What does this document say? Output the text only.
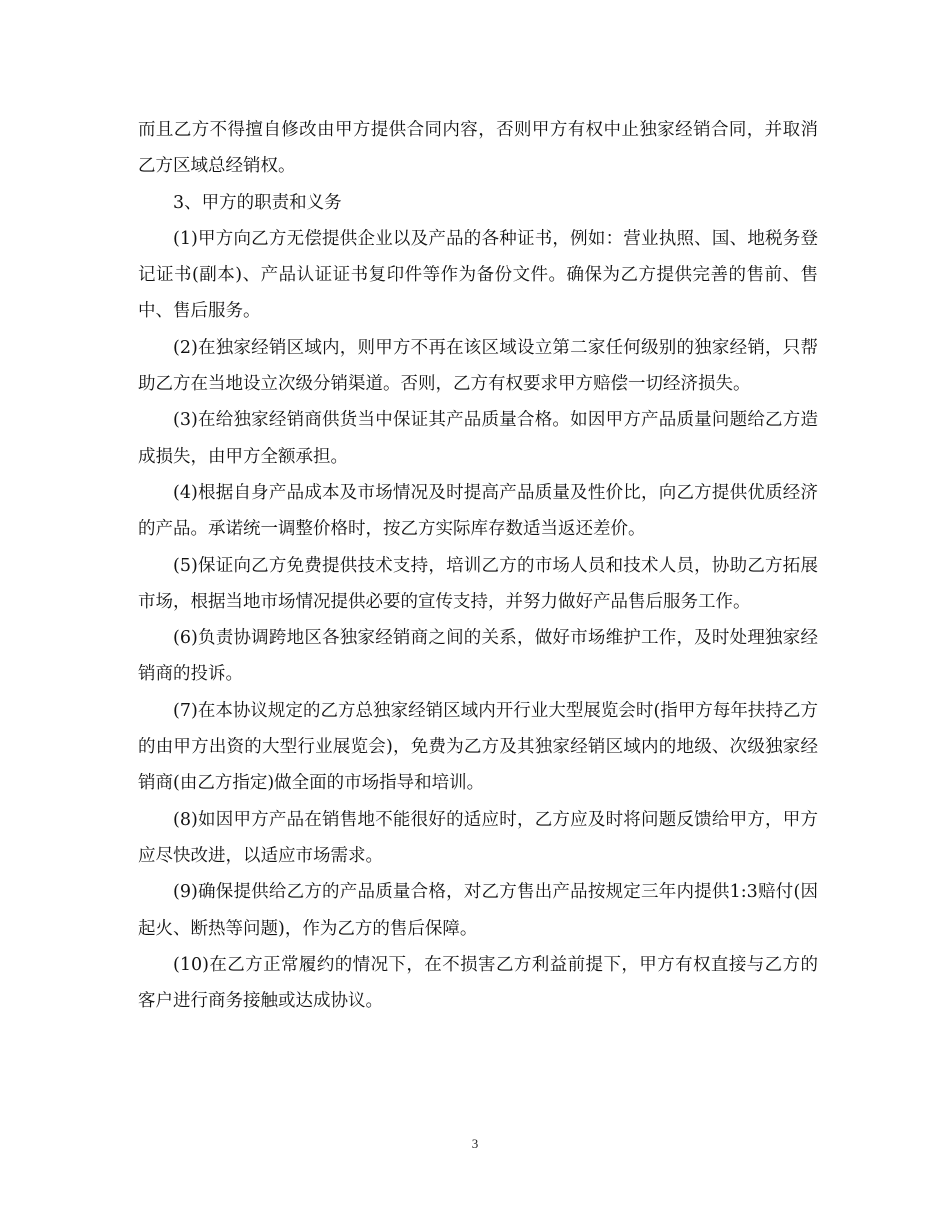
而且乙方不得擅自修改由甲方提供合同内容，否则甲方有权中止独家经销合同，并取消乙方区域总经销权。

3、甲方的职责和义务

(1)甲方向乙方无偿提供企业以及产品的各种证书，例如：营业执照、国、地税务登记证书(副本)、产品认证证书复印件等作为备份文件。确保为乙方提供完善的售前、售中、售后服务。

(2)在独家经销区域内，则甲方不再在该区域设立第二家任何级别的独家经销，只帮助乙方在当地设立次级分销渠道。否则，乙方有权要求甲方赔偿一切经济损失。

(3)在给独家经销商供货当中保证其产品质量合格。如因甲方产品质量问题给乙方造成损失，由甲方全额承担。

(4)根据自身产品成本及市场情况及时提高产品质量及性价比，向乙方提供优质经济的产品。承诺统一调整价格时，按乙方实际库存数适当返还差价。

(5)保证向乙方免费提供技术支持，培训乙方的市场人员和技术人员，协助乙方拓展市场，根据当地市场情况提供必要的宣传支持，并努力做好产品售后服务工作。

(6)负责协调跨地区各独家经销商之间的关系，做好市场维护工作，及时处理独家经销商的投诉。

(7)在本协议规定的乙方总独家经销区域内开行业大型展览会时(指甲方每年扶持乙方的由甲方出资的大型行业展览会)，免费为乙方及其独家经销区域内的地级、次级独家经销商(由乙方指定)做全面的市场指导和培训。

(8)如因甲方产品在销售地不能很好的适应时，乙方应及时将问题反馈给甲方，甲方应尽快改进，以适应市场需求。

(9)确保提供给乙方的产品质量合格，对乙方售出产品按规定三年内提供1:3赔付(因起火、断热等问题)，作为乙方的售后保障。

(10)在乙方正常履约的情况下，在不损害乙方利益前提下，甲方有权直接与乙方的客户进行商务接触或达成协议。

3
